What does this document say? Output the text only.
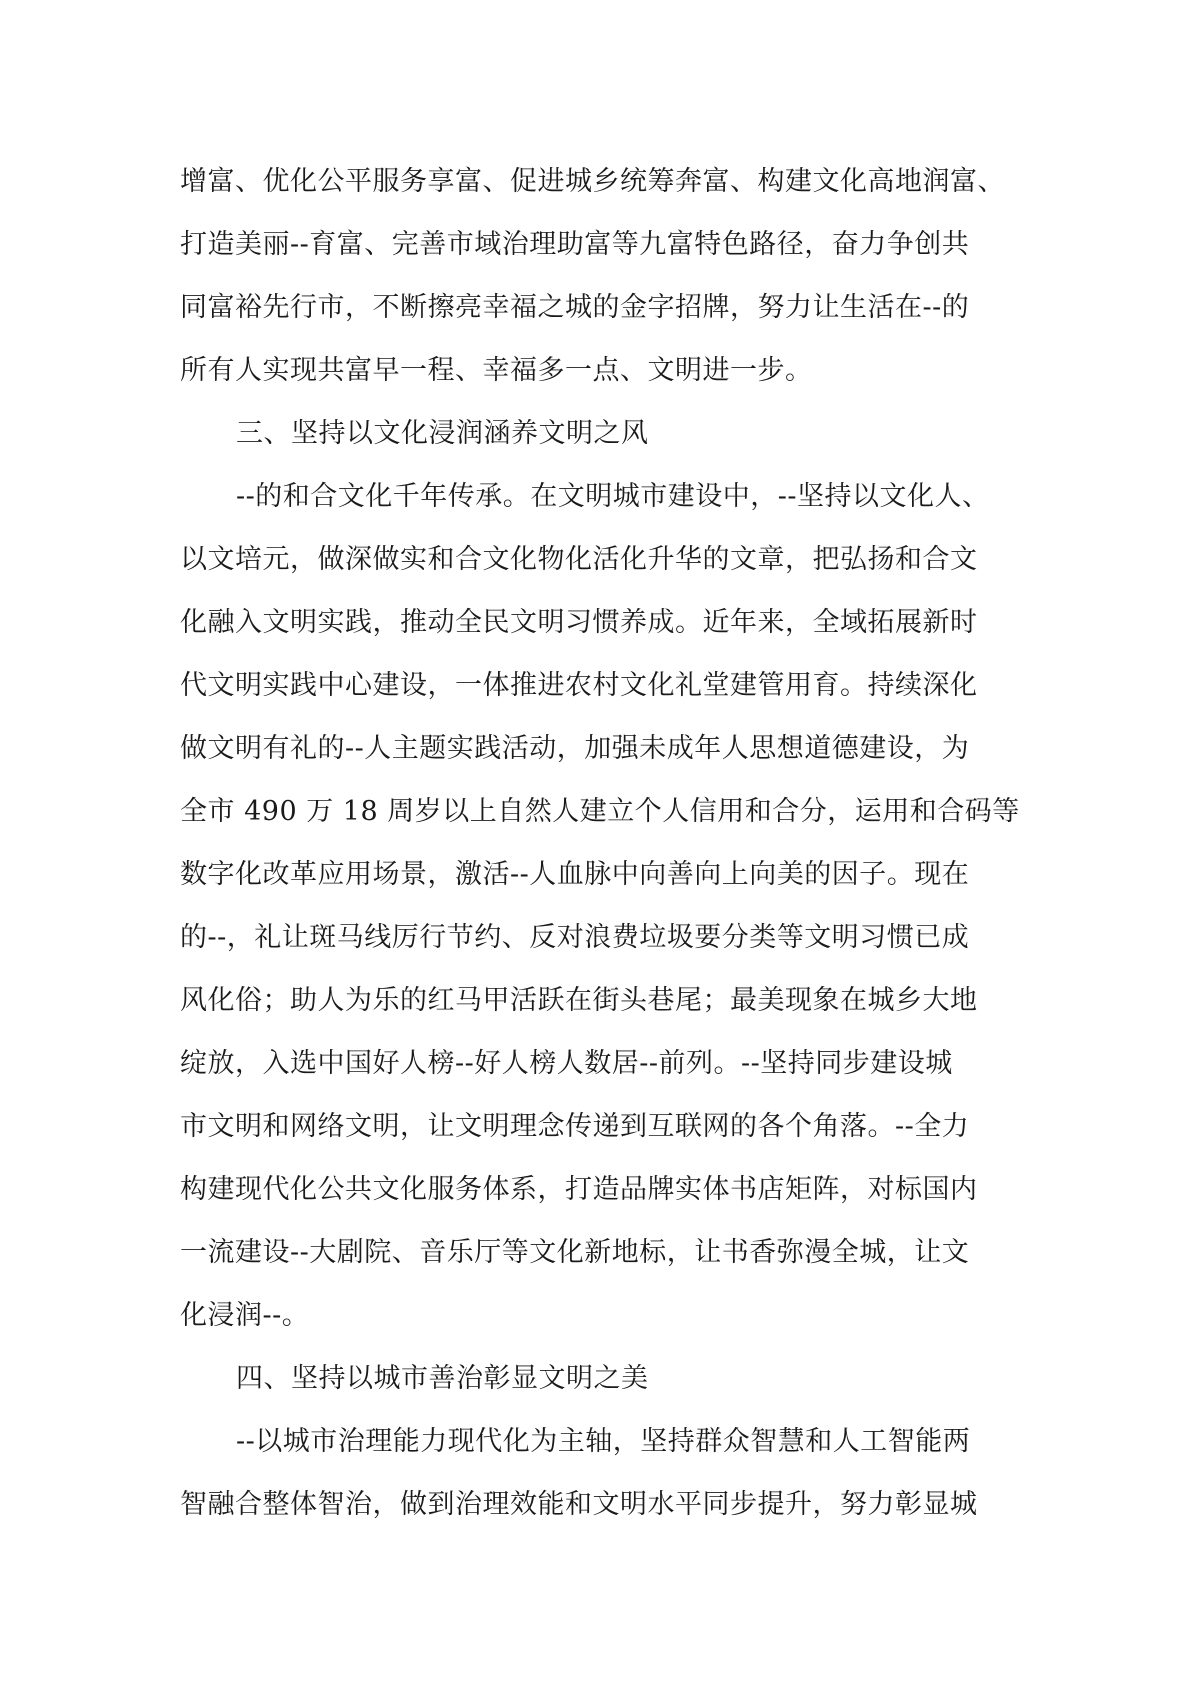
增富、优化公平服务享富、促进城乡统筹奔富、构建文化高地润富、
打造美丽--育富、完善市域治理助富等九富特色路径，奋力争创共
同富裕先行市，不断擦亮幸福之城的金字招牌，努力让生活在--的
所有人实现共富早一程、幸福多一点、文明进一步。
三、坚持以文化浸润涵养文明之风
--的和合文化千年传承。在文明城市建设中，--坚持以文化人、
以文培元，做深做实和合文化物化活化升华的文章，把弘扬和合文
化融入文明实践，推动全民文明习惯养成。近年来，全域拓展新时
代文明实践中心建设，一体推进农村文化礼堂建管用育。持续深化
做文明有礼的--人主题实践活动，加强未成年人思想道德建设，为
全市 490 万 18 周岁以上自然人建立个人信用和合分，运用和合码等
数字化改革应用场景，激活--人血脉中向善向上向美的因子。现在
的--，礼让斑马线厉行节约、反对浪费垃圾要分类等文明习惯已成
风化俗；助人为乐的红马甲活跃在街头巷尾；最美现象在城乡大地
绽放，入选中国好人榜--好人榜人数居--前列。--坚持同步建设城
市文明和网络文明，让文明理念传递到互联网的各个角落。--全力
构建现代化公共文化服务体系，打造品牌实体书店矩阵，对标国内
一流建设--大剧院、音乐厅等文化新地标，让书香弥漫全城，让文
化浸润--。
四、坚持以城市善治彰显文明之美
--以城市治理能力现代化为主轴，坚持群众智慧和人工智能两
智融合整体智治，做到治理效能和文明水平同步提升，努力彰显城
